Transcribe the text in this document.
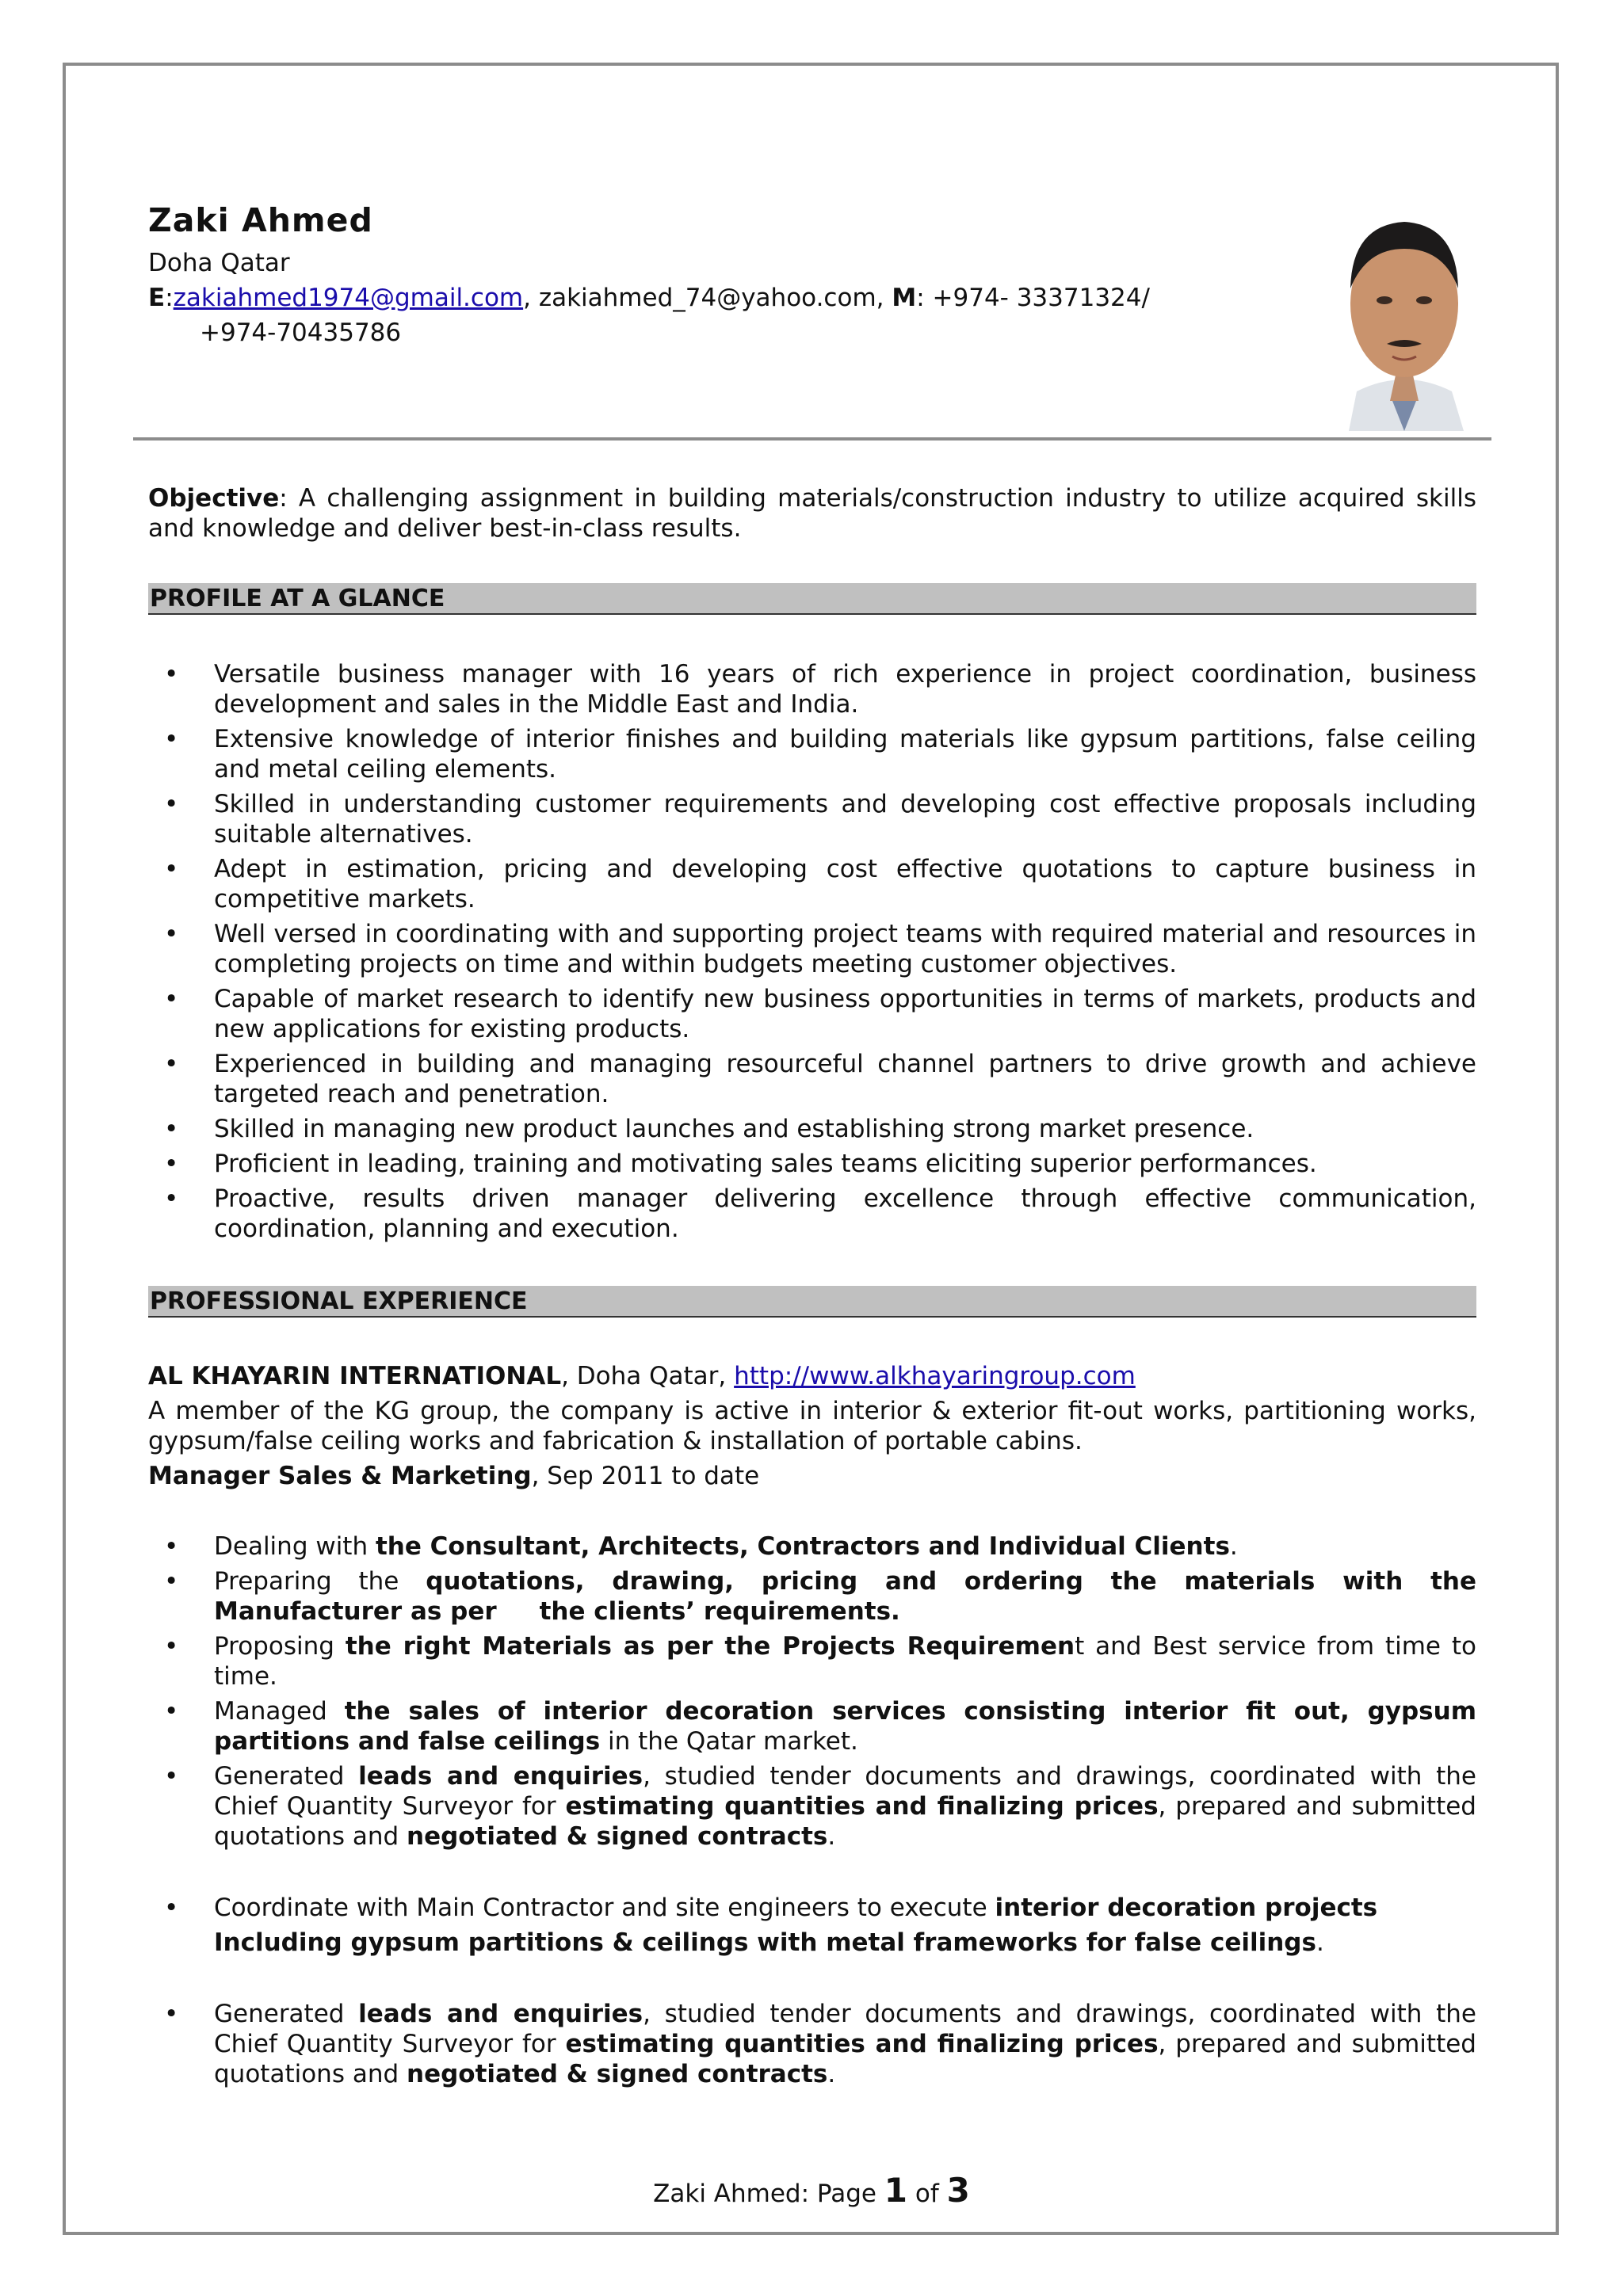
Zaki Ahmed
Doha Qatar
E:zakiahmed1974@gmail.com, zakiahmed_74@yahoo.com, M: +974- 33371324/
+974-70435786
Objective: A challenging assignment in building materials/construction industry to utilize acquired skills and knowledge and deliver best-in-class results.
PROFILE AT A GLANCE
• Versatile business manager with 16 years of rich experience in project coordination, business development and sales in the Middle East and India.
• Extensive knowledge of interior finishes and building materials like gypsum partitions, false ceiling and metal ceiling elements.
• Skilled in understanding customer requirements and developing cost effective proposals including suitable alternatives.
• Adept in estimation, pricing and developing cost effective quotations to capture business in competitive markets.
• Well versed in coordinating with and supporting project teams with required material and resources in completing projects on time and within budgets meeting customer objectives.
• Capable of market research to identify new business opportunities in terms of markets, products and new applications for existing products.
• Experienced in building and managing resourceful channel partners to drive growth and achieve targeted reach and penetration.
• Skilled in managing new product launches and establishing strong market presence.
• Proficient in leading, training and motivating sales teams eliciting superior performances.
• Proactive, results driven manager delivering excellence through effective communication, coordination, planning and execution.
PROFESSIONAL EXPERIENCE
AL KHAYARIN INTERNATIONAL, Doha Qatar, http://www.alkhayaringroup.com
A member of the KG group, the company is active in interior & exterior fit-out works, partitioning works, gypsum/false ceiling works and fabrication & installation of portable cabins.
Manager Sales & Marketing, Sep 2011 to date
• Dealing with the Consultant, Architects, Contractors and Individual Clients.
• Preparing the quotations, drawing, pricing and ordering the materials with the Manufacturer as per     the clients’ requirements.
• Proposing the right Materials as per the Projects Requirement and Best service from time to time.
• Managed the sales of interior decoration services consisting interior fit out, gypsum partitions and false ceilings in the Qatar market.
• Generated leads and enquiries, studied tender documents and drawings, coordinated with the Chief Quantity Surveyor for estimating quantities and finalizing prices, prepared and submitted quotations and negotiated & signed contracts.
• Coordinate with Main Contractor and site engineers to execute interior decoration projects
Including gypsum partitions & ceilings with metal frameworks for false ceilings.
• Generated leads and enquiries, studied tender documents and drawings, coordinated with the Chief Quantity Surveyor for estimating quantities and finalizing prices, prepared and submitted quotations and negotiated & signed contracts.
Zaki Ahmed: Page 1 of 3
